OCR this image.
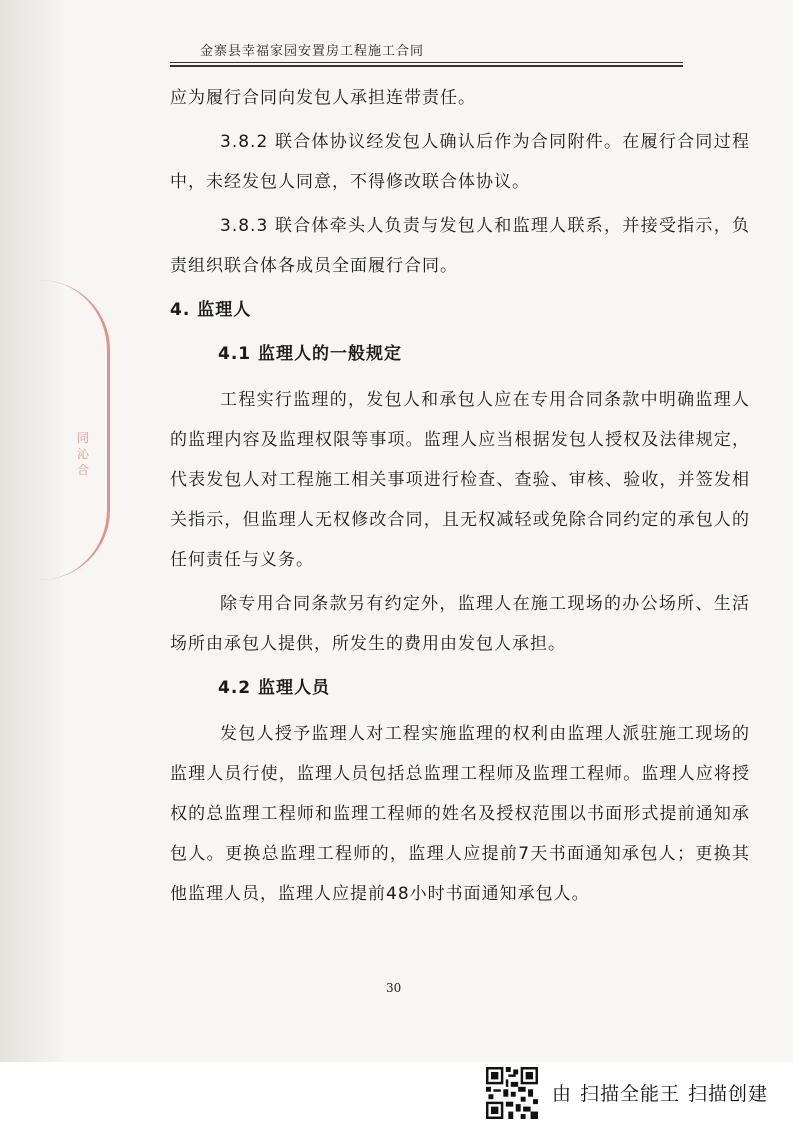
同沁合
金寨县幸福家园安置房工程施工合同

应为履行合同向发包人承担连带责任。

3.8.2 联合体协议经发包人确认后作为合同附件。在履行合同过程中，未经发包人同意，不得修改联合体协议。

3.8.3 联合体牵头人负责与发包人和监理人联系，并接受指示，负责组织联合体各成员全面履行合同。

4. 监理人

4.1 监理人的一般规定

工程实行监理的，发包人和承包人应在专用合同条款中明确监理人的监理内容及监理权限等事项。监理人应当根据发包人授权及法律规定，代表发包人对工程施工相关事项进行检查、查验、审核、验收，并签发相关指示，但监理人无权修改合同，且无权减轻或免除合同约定的承包人的任何责任与义务。

除专用合同条款另有约定外，监理人在施工现场的办公场所、生活场所由承包人提供，所发生的费用由发包人承担。

4.2 监理人员

发包人授予监理人对工程实施监理的权利由监理人派驻施工现场的监理人员行使，监理人员包括总监理工程师及监理工程师。监理人应将授权的总监理工程师和监理工程师的姓名及授权范围以书面形式提前通知承包人。更换总监理工程师的，监理人应提前7天书面通知承包人；更换其他监理人员，监理人应提前48小时书面通知承包人。

30
由 扫描全能王 扫描创建
